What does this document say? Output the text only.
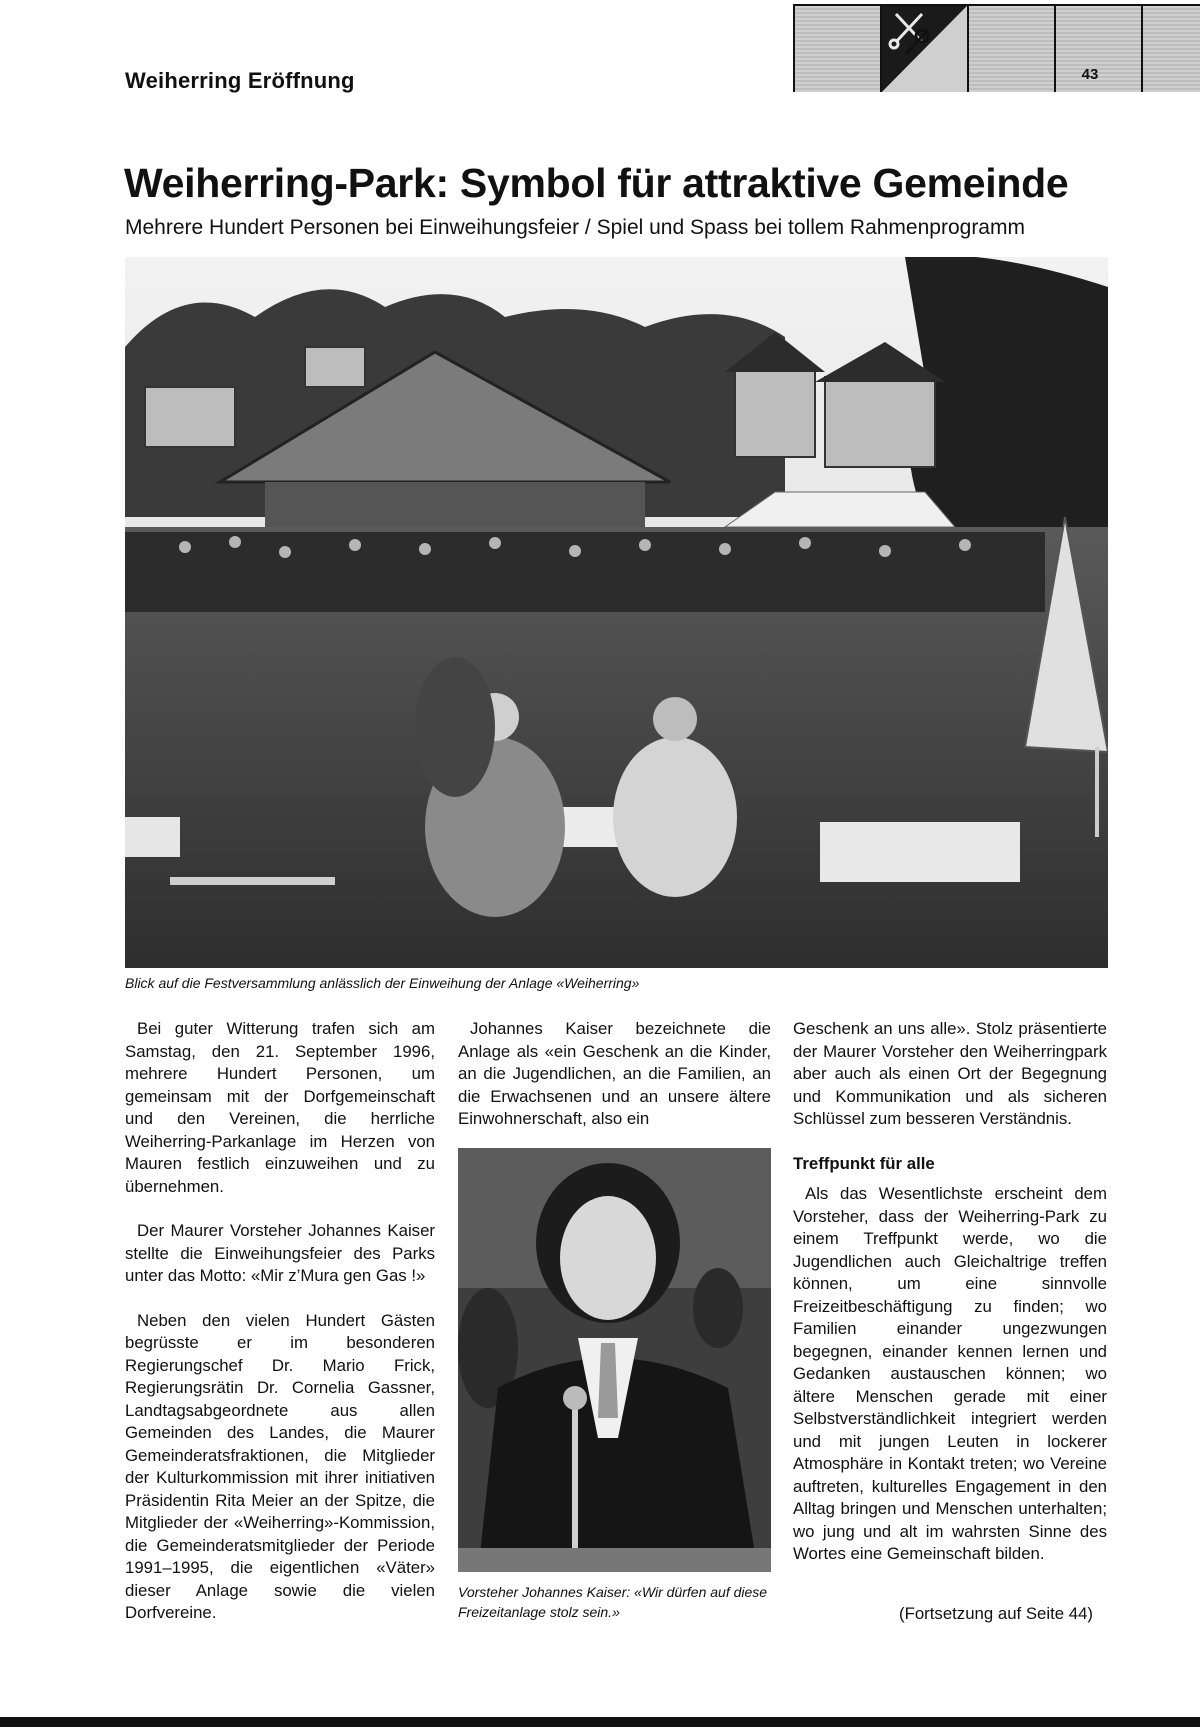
Weiherring Eröffnung	43
Weiherring-Park: Symbol für attraktive Gemeinde
Mehrere Hundert Personen bei Einweihungsfeier / Spiel und Spass bei tollem Rahmenprogramm
Blick auf die Festversammlung anlässlich der Einweihung der Anlage «Weiherring»

Bei guter Witterung trafen sich am Samstag, den 21. September 1996, mehrere Hundert Personen, um gemeinsam mit der Dorfgemeinschaft und den Vereinen, die herrliche Weiherring-Parkanlage im Herzen von Mauren festlich einzuweihen und zu übernehmen.

Der Maurer Vorsteher Johannes Kaiser stellte die Einweihungsfeier des Parks unter das Motto: «Mir z’Mura gen Gas !»

Neben den vielen Hundert Gästen begrüsste er im besonderen Regierungschef Dr. Mario Frick, Regierungsrätin Dr. Cornelia Gassner, Landtagsabgeordnete aus allen Gemeinden des Landes, die Maurer Gemeinderatsfraktionen, die Mitglieder der Kulturkommission mit ihrer initiativen Präsidentin Rita Meier an der Spitze, die Mitglieder der «Weiherring»-Kommission, die Gemeinderatsmitglieder der Periode 1991–1995, die eigentlichen «Väter» dieser Anlage sowie die vielen Dorfvereine.

Johannes Kaiser bezeichnete die Anlage als «ein Geschenk an die Kinder, an die Jugendlichen, an die Familien, an die Erwachsenen und an unsere ältere Einwohnerschaft, also ein

Vorsteher Johannes Kaiser: «Wir dürfen auf diese Freizeitanlage stolz sein.»

Geschenk an uns alle». Stolz präsentierte der Maurer Vorsteher den Weiherringpark aber auch als einen Ort der Begegnung und Kommunikation und als sicheren Schlüssel zum besseren Verständnis.

Treffpunkt für alle

Als das Wesentlichste erscheint dem Vorsteher, dass der Weiherring-Park zu einem Treffpunkt werde, wo die Jugendlichen auch Gleichaltrige treffen können, um eine sinnvolle Freizeitbeschäftigung zu finden; wo Familien einander ungezwungen begegnen, einander kennen lernen und Gedanken austauschen können; wo ältere Menschen gerade mit einer Selbstverständlichkeit integriert werden und mit jungen Leuten in lockerer Atmosphäre in Kontakt treten; wo Vereine auftreten, kulturelles Engagement in den Alltag bringen und Menschen unterhalten; wo jung und alt im wahrsten Sinne des Wortes eine Gemeinschaft bilden.

(Fortsetzung auf Seite 44)
